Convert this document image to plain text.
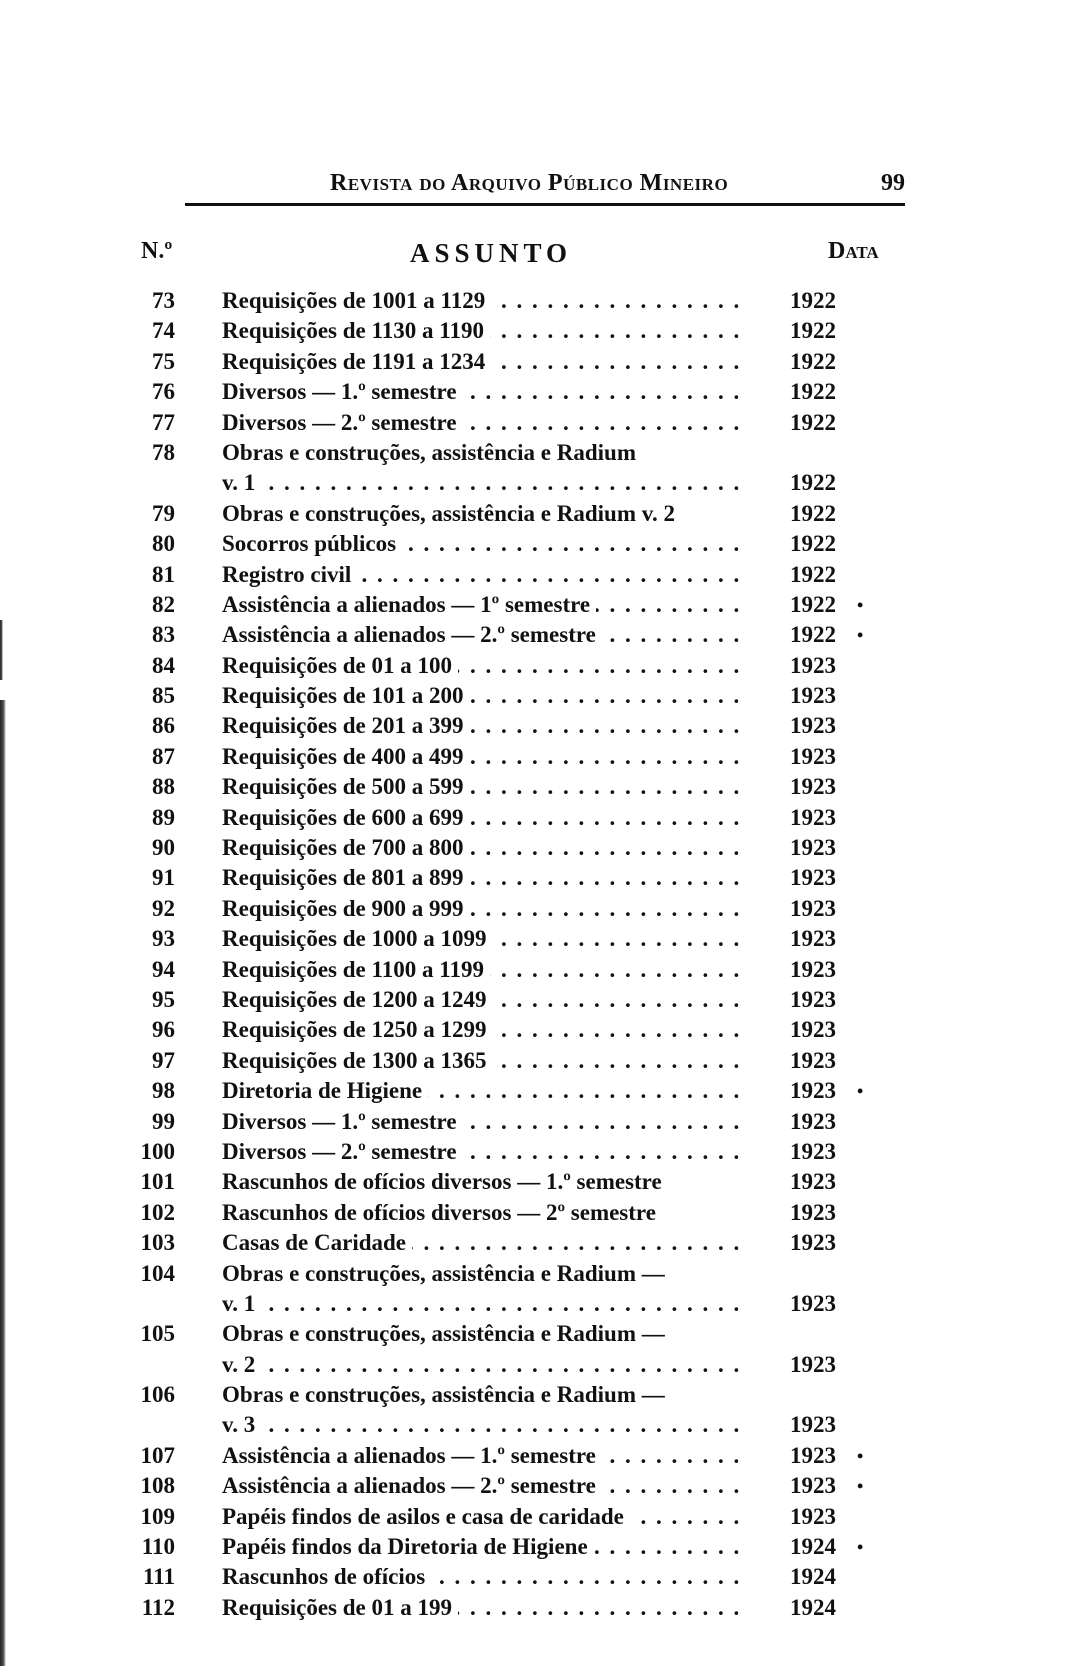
Revista do Arquivo Público Mineiro	99
N.º	ASSUNTO	Data
73 Requisições de 1001 a 1129 . . .	1922
74 Requisições de 1130 a 1190 . . .	1922
75 Requisições de 1191 a 1234 . . .	1922
76 Diversos — 1.º semestre . . .	1922
77 Diversos — 2.º semestre . . .	1922
78 Obras e construções, assistência e Radium
v. 1 . . .	1922
79 Obras e construções, assistência e Radium v. 2	1922
80 Socorros públicos . . .	1922
81 Registro civil . . .	1922
82 Assistência a alienados — 1º semestre . . .	1922 •
83 Assistência a alienados — 2.º semestre . . .	1922 •
84 Requisições de 01 a 100 . . .	1923
85 Requisições de 101 a 200 . . .	1923
86 Requisições de 201 a 399 . . .	1923
87 Requisições de 400 a 499 . . .	1923
88 Requisições de 500 a 599 . . .	1923
89 Requisições de 600 a 699 . . .	1923
90 Requisições de 700 a 800 . . .	1923
91 Requisições de 801 a 899 . . .	1923
92 Requisições de 900 a 999 . . .	1923
93 Requisições de 1000 a 1099 . . .	1923
94 Requisições de 1100 a 1199 . . .	1923
95 Requisições de 1200 a 1249 . . .	1923
96 Requisições de 1250 a 1299 . . .	1923
97 Requisições de 1300 a 1365 . . .	1923
98 Diretoria de Higiene . . .	1923 •
99 Diversos — 1.º semestre . . .	1923
100 Diversos — 2.º semestre . . .	1923
101 Rascunhos de ofícios diversos — 1.º semestre	1923
102 Rascunhos de ofícios diversos — 2º semestre	1923
103 Casas de Caridade . . .	1923
104 Obras e construções, assistência e Radium —
v. 1 . . .	1923
105 Obras e construções, assistência e Radium —
v. 2 . . .	1923
106 Obras e construções, assistência e Radium —
v. 3 . . .	1923
107 Assistência a alienados — 1.º semestre . . .	1923 •
108 Assistência a alienados — 2.º semestre . . .	1923 •
109 Papéis findos de asilos e casa de caridade . . .	1923
110 Papéis findos da Diretoria de Higiene . . .	1924 •
111 Rascunhos de ofícios . . .	1924
112 Requisições de 01 a 199 . . .	1924
